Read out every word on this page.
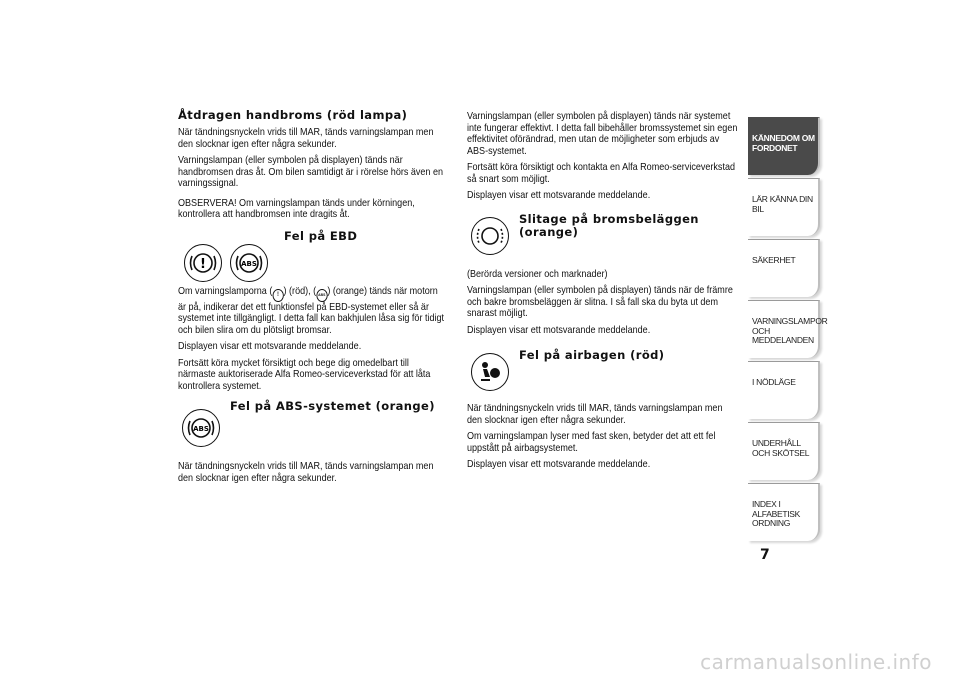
Åtdragen handbroms (röd lampa)

När tändningsnyckeln vrids till MAR, tänds varningslampan men den slocknar igen efter några sekunder.

Varningslampan (eller symbolen på displayen) tänds när handbromsen dras åt. Om bilen samtidigt är i rörelse hörs även en varningssignal.

OBSERVERA! Om varningslampan tänds under körningen, kontrollera att handbromsen inte dragits åt.

Fel på EBD
!	ABS

Om varningslamporna ( ! ) (röd), ( ABS ) (orange) tänds när motorn är på, indikerar det ett funktionsfel på EBD-systemet eller så är systemet inte tillgängligt. I detta fall kan bakhjulen låsa sig för tidigt och bilen slira om du plötsligt bromsar.

Displayen visar ett motsvarande meddelande.

Fortsätt köra mycket försiktigt och bege dig omedelbart till närmaste auktoriserade Alfa Romeo-serviceverkstad för att låta kontrollera systemet.

Fel på ABS-systemet (orange)
ABS

När tändningsnyckeln vrids till MAR, tänds varningslampan men den slocknar igen efter några sekunder.

Varningslampan (eller symbolen på displayen) tänds när systemet inte fungerar effektivt. I detta fall bibehåller bromssystemet sin egen effektivitet oförändrad, men utan de möjligheter som erbjuds av ABS-systemet.

Fortsätt köra försiktigt och kontakta en Alfa Romeo-serviceverkstad så snart som möjligt.

Displayen visar ett motsvarande meddelande.

Slitage på bromsbeläggen (orange)

(Berörda versioner och marknader)

Varningslampan (eller symbolen på displayen) tänds när de främre och bakre bromsbeläggen är slitna. I så fall ska du byta ut dem snarast möjligt.

Displayen visar ett motsvarande meddelande.

Fel på airbagen (röd)

När tändningsnyckeln vrids till MAR, tänds varningslampan men den slocknar igen efter några sekunder.

Om varningslampan lyser med fast sken, betyder det att ett fel uppstått på airbagsystemet.

Displayen visar ett motsvarande meddelande.

KÄNNEDOM OM FORDONET
LÄR KÄNNA DIN BIL
SÄKERHET
VARNINGSLAMPOR OCH MEDDELANDEN
I NÖDLÄGE
UNDERHÅLL OCH SKÖTSEL
INDEX I ALFABETISK ORDNING
7
carmanualsonline.info
